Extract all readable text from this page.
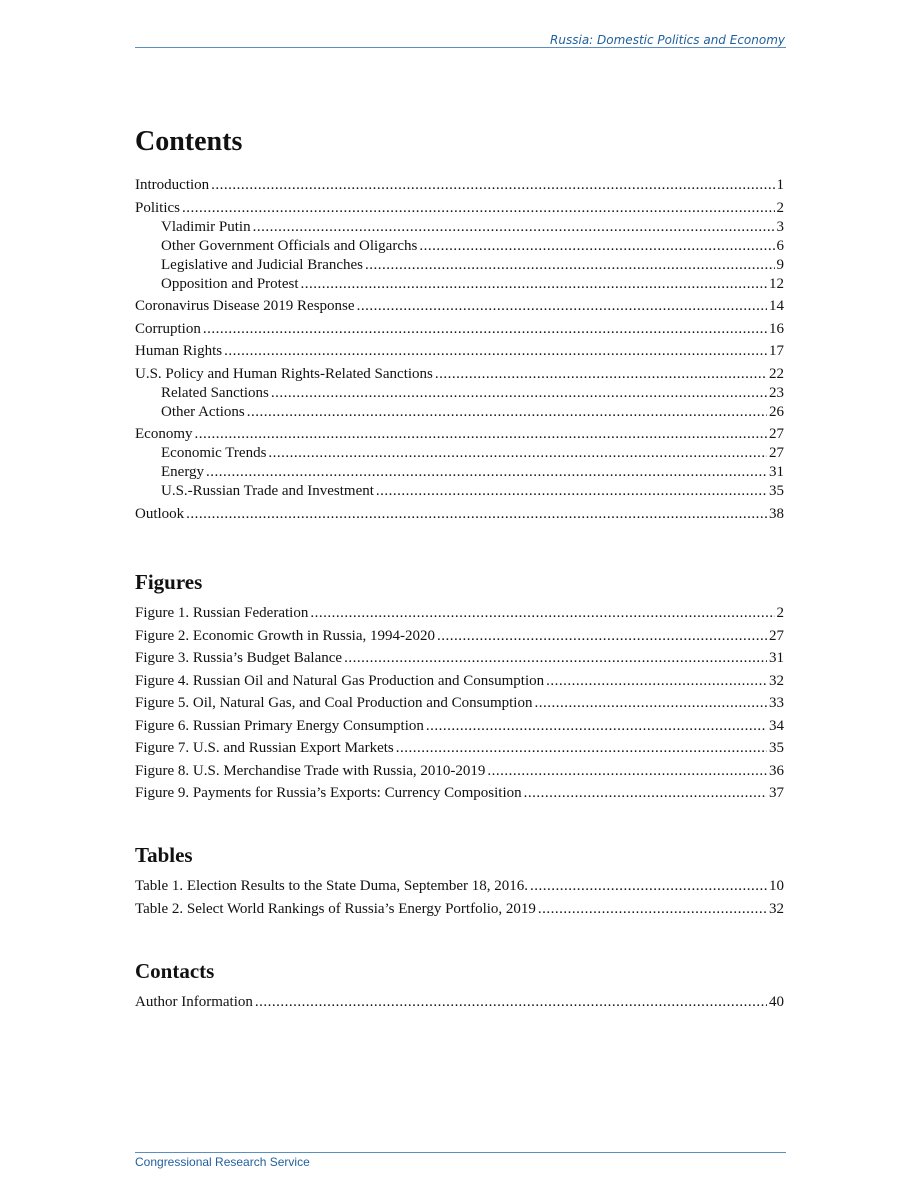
Russia: Domestic Politics and Economy
Contents
Introduction .....	1
Politics .....	2
Vladimir Putin .....	3
Other Government Officials and Oligarchs .....	6
Legislative and Judicial Branches .....	9
Opposition and Protest .....	12
Coronavirus Disease 2019 Response .....	14
Corruption .....	16
Human Rights .....	17
U.S. Policy and Human Rights-Related Sanctions .....	22
Related Sanctions .....	23
Other Actions .....	26
Economy .....	27
Economic Trends .....	27
Energy .....	31
U.S.-Russian Trade and Investment .....	35
Outlook .....	38
Figures
Figure 1. Russian Federation .....	2
Figure 2. Economic Growth in Russia, 1994-2020 .....	27
Figure 3. Russia’s Budget Balance .....	31
Figure 4. Russian Oil and Natural Gas Production and Consumption .....	32
Figure 5. Oil, Natural Gas, and Coal Production and Consumption .....	33
Figure 6. Russian Primary Energy Consumption .....	34
Figure 7. U.S. and Russian Export Markets .....	35
Figure 8. U.S. Merchandise Trade with Russia, 2010-2019 .....	36
Figure 9. Payments for Russia’s Exports: Currency Composition .....	37
Tables
Table 1. Election Results to the State Duma, September 18, 2016. .....	10
Table 2. Select World Rankings of Russia’s Energy Portfolio, 2019 .....	32
Contacts
Author Information .....	40
Congressional Research Service
